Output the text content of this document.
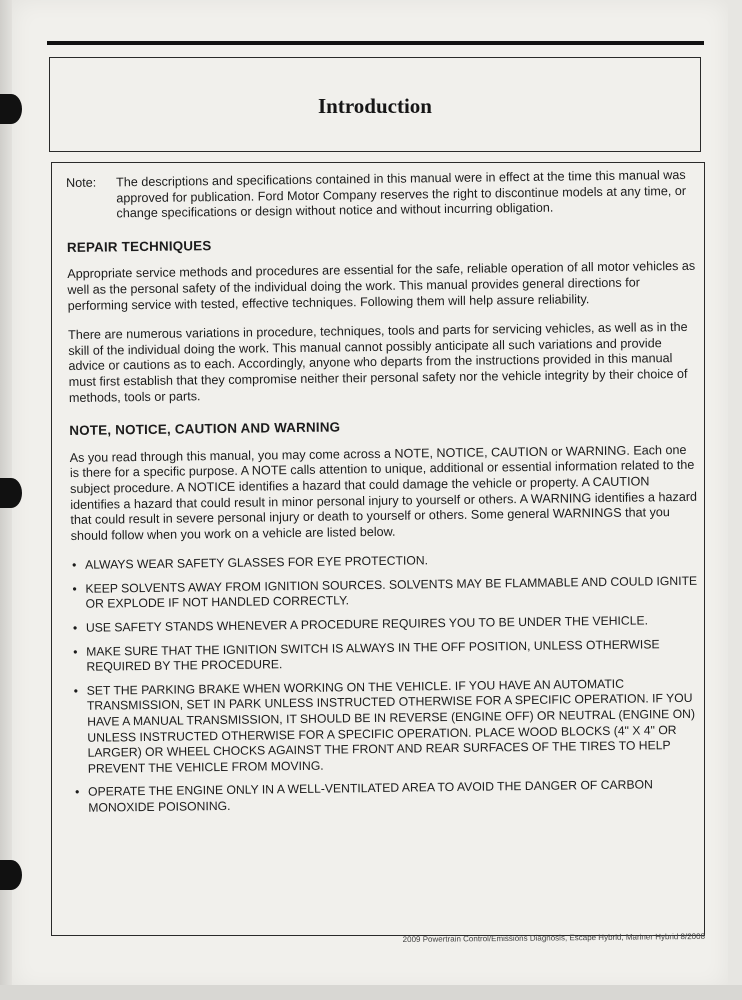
Introduction
Note:	The descriptions and specifications contained in this manual were in effect at the time this manual was approved for publication. Ford Motor Company reserves the right to discontinue models at any time, or change specifications or design without notice and without incurring obligation.
REPAIR TECHNIQUES

Appropriate service methods and procedures are essential for the safe, reliable operation of all motor vehicles as well as the personal safety of the individual doing the work. This manual provides general directions for performing service with tested, effective techniques. Following them will help assure reliability.

There are numerous variations in procedure, techniques, tools and parts for servicing vehicles, as well as in the skill of the individual doing the work. This manual cannot possibly anticipate all such variations and provide advice or cautions as to each. Accordingly, anyone who departs from the instructions provided in this manual must first establish that they compromise neither their personal safety nor the vehicle integrity by their choice of methods, tools or parts.

NOTE, NOTICE, CAUTION AND WARNING

As you read through this manual, you may come across a NOTE, NOTICE, CAUTION or WARNING. Each one is there for a specific purpose. A NOTE calls attention to unique, additional or essential information related to the subject procedure. A NOTICE identifies a hazard that could damage the vehicle or property. A CAUTION identifies a hazard that could result in minor personal injury to yourself or others. A WARNING identifies a hazard that could result in severe personal injury or death to yourself or others. Some general WARNINGS that you should follow when you work on a vehicle are listed below.

• ALWAYS WEAR SAFETY GLASSES FOR EYE PROTECTION.
• KEEP SOLVENTS AWAY FROM IGNITION SOURCES. SOLVENTS MAY BE FLAMMABLE AND COULD IGNITE OR EXPLODE IF NOT HANDLED CORRECTLY.
• USE SAFETY STANDS WHENEVER A PROCEDURE REQUIRES YOU TO BE UNDER THE VEHICLE.
• MAKE SURE THAT THE IGNITION SWITCH IS ALWAYS IN THE OFF POSITION, UNLESS OTHERWISE REQUIRED BY THE PROCEDURE.
• SET THE PARKING BRAKE WHEN WORKING ON THE VEHICLE. IF YOU HAVE AN AUTOMATIC TRANSMISSION, SET IN PARK UNLESS INSTRUCTED OTHERWISE FOR A SPECIFIC OPERATION. IF YOU HAVE A MANUAL TRANSMISSION, IT SHOULD BE IN REVERSE (ENGINE OFF) OR NEUTRAL (ENGINE ON) UNLESS INSTRUCTED OTHERWISE FOR A SPECIFIC OPERATION. PLACE WOOD BLOCKS (4" X 4" OR LARGER) OR WHEEL CHOCKS AGAINST THE FRONT AND REAR SURFACES OF THE TIRES TO HELP PREVENT THE VEHICLE FROM MOVING.
• OPERATE THE ENGINE ONLY IN A WELL-VENTILATED AREA TO AVOID THE DANGER OF CARBON MONOXIDE POISONING.
2009 Powertrain Control/Emissions Diagnosis, Escape Hybrid, Mariner Hybrid 8/2008
